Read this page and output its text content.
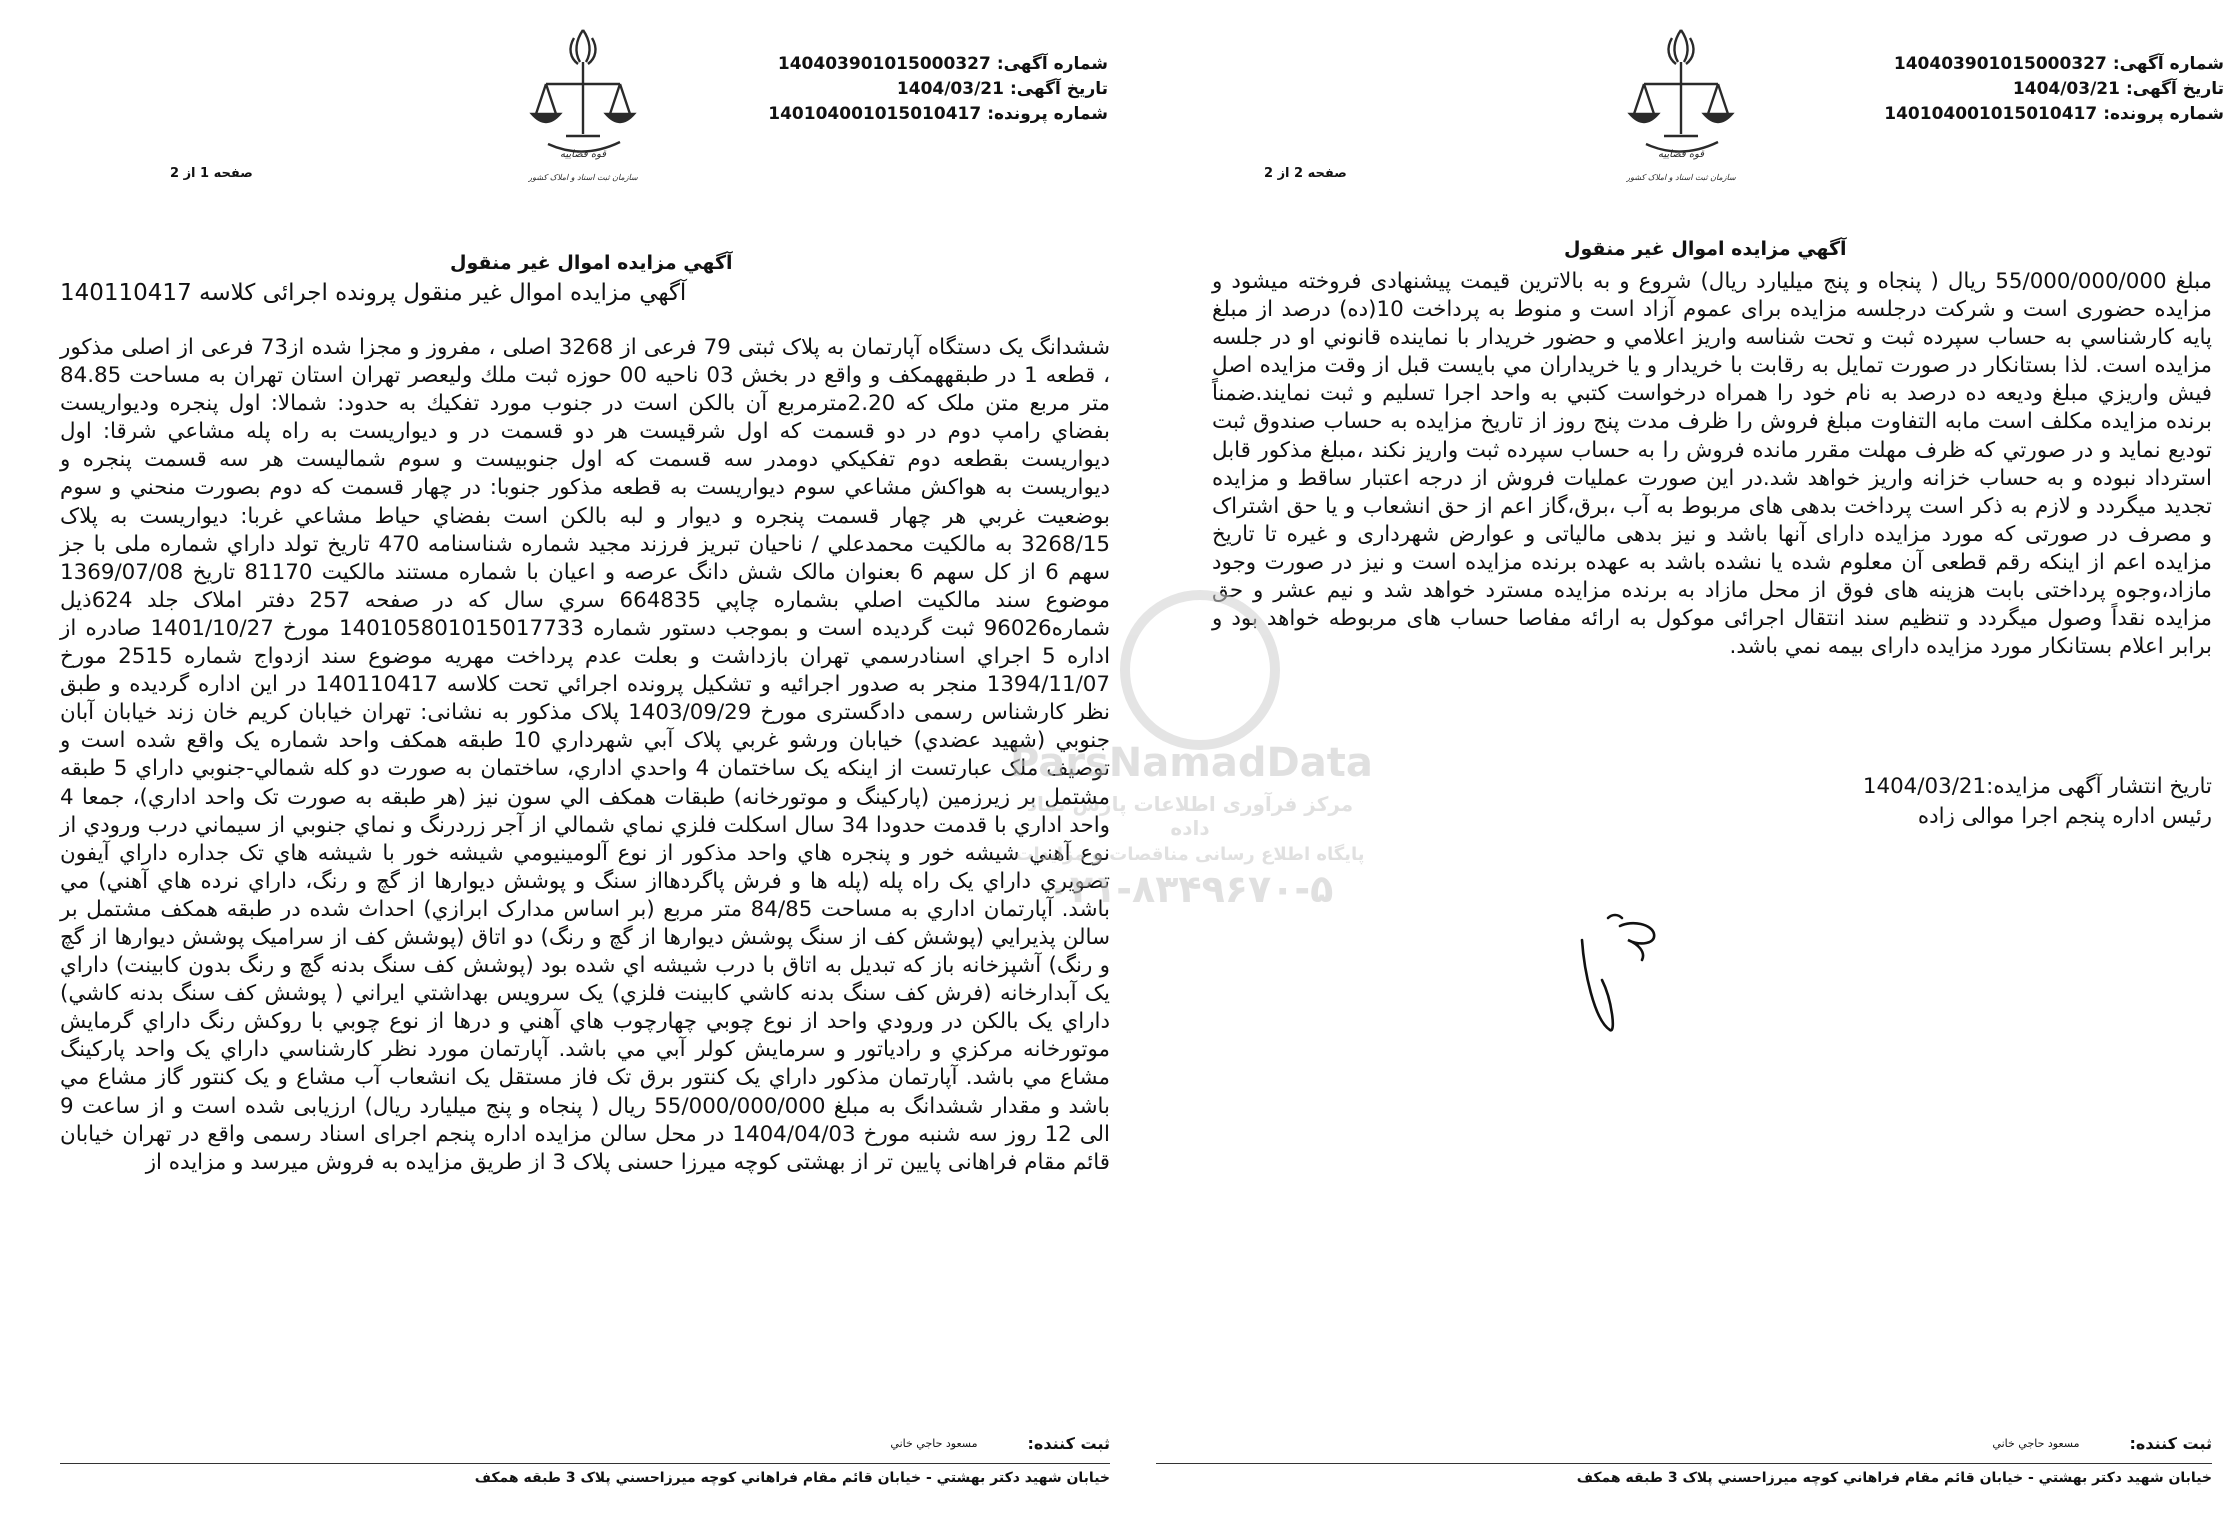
شماره آگهی:
140403901015000327
تاریخ آگهی:
1404/03/21
شماره پرونده:
140104001015010417
قوه قضاییه
سازمان ثبت اسناد و املاک کشور
صفحه 1 از 2
آگهي مزايده اموال غير منقول
آگهي مزايده اموال غير منقول پرونده اجرائی کلاسه 140110417
ششدانگ يک دستگاه آپارتمان به پلاک ثبتی 79 فرعی از 3268 اصلی ، مفروز و مجزا شده از73 فرعی از اصلی مذکور ، قطعه 1 در طبقههمکف و واقع در بخش 03 ناحيه 00 حوزه ثبت ملك وليعصر تهران استان تهران به مساحت 84.85 متر مربع متن ملک که 2.20مترمربع آن بالکن است در جنوب مورد تفکيك به حدود: شمالا: اول پنجره وديواريست بفضاي رامپ دوم در دو قسمت که اول شرقيست هر دو قسمت در و ديواريست به راه پله مشاعي شرقا: اول ديواريست بقطعه دوم تفکيکي دومدر سه قسمت که اول جنوبيست و سوم شماليست هر سه قسمت پنجره و ديواريست به هواکش مشاعي سوم ديواريست به قطعه مذکور جنوبا: در چهار قسمت که دوم بصورت منحني و سوم بوضعيت غربي هر چهار قسمت پنجره و ديوار و لبه بالکن است بفضاي حياط مشاعي غربا: ديواريست به پلاک 3268/15 به مالکيت محمدعلي / ناحيان تبريز فرزند مجيد شماره شناسنامه 470 تاريخ تولد داراي شماره ملی با جز سهم 6 از کل سهم 6 بعنوان مالک شش دانگ عرصه و اعيان با شماره مستند مالکيت 81170 تاريخ 1369/07/08 موضوع سند مالکيت اصلي بشماره چاپي 664835 سري سال که در صفحه 257 دفتر املاک جلد 624ذيل شماره96026 ثبت گرديده است و بموجب دستور شماره 140105801015017733 مورخ 1401/10/27 صادره از اداره 5 اجراي اسنادرسمي تهران بازداشت و بعلت عدم پرداخت مهريه موضوع سند ازدواج شماره 2515 مورخ 1394/11/07 منجر به صدور اجرائيه و تشکيل پرونده اجرائي تحت کلاسه 140110417 در اين اداره گرديده و طبق نظر کارشناس رسمی دادگستری مورخ 1403/09/29 پلاک مذکور به نشانی: تهران خيابان کريم خان زند خيابان آبان جنوبي (شهيد عضدي) خيابان ورشو غربي پلاک آبي شهرداري 10 طبقه همکف واحد شماره يک واقع شده است و توصيف ملک عبارتست از اينکه يک ساختمان 4 واحدي اداري، ساختمان به صورت دو کله شمالي-جنوبي داراي 5 طبقه مشتمل بر زيرزمين (پارکينگ و موتورخانه) طبقات همکف الي سون نيز (هر طبقه به صورت تک واحد اداري)، جمعا 4 واحد اداري با قدمت حدودا 34 سال اسکلت فلزي نماي شمالي از آجر زردرنگ و نماي جنوبي از سيماني درب ورودي از نوع آهني شيشه خور و پنجره هاي واحد مذکور از نوع آلومينيومي شيشه خور با شيشه هاي تک جداره داراي آيفون تصويري داراي يک راه پله (پله ها و فرش پاگردهااز سنگ و پوشش ديوارها از گچ و رنگ، داراي نرده هاي آهني) مي باشد. آپارتمان اداري به مساحت 84/85 متر مربع (بر اساس مدارک ابرازي) احداث شده در طبقه همکف مشتمل بر سالن پذيرايي (پوشش کف از سنگ پوشش ديوارها از گچ و رنگ) دو اتاق (پوشش کف از سراميک پوشش ديوارها از گچ و رنگ) آشپزخانه باز که تبديل به اتاق با درب شيشه اي شده بود (پوشش کف سنگ بدنه گچ و رنگ بدون کابينت) داراي يک آبدارخانه (فرش کف سنگ بدنه کاشي کابينت فلزي) يک سرويس بهداشتي ايراني ( پوشش کف سنگ بدنه کاشي) داراي يک بالکن در ورودي واحد از نوع چوبي چهارچوب هاي آهني و درها از نوع چوبي با روکش رنگ داراي گرمايش موتورخانه مرکزي و رادياتور و سرمايش کولر آبي مي باشد. آپارتمان مورد نظر کارشناسي داراي يک واحد پارکينگ مشاع مي باشد. آپارتمان مذکور داراي يک کنتور برق تک فاز مستقل يک انشعاب آب مشاع و يک کنتور گاز مشاع مي باشد و مقدار ششدانگ به مبلغ 55/000/000/000 ريال ( پنجاه و پنج ميليارد ريال) ارزيابی شده است و از ساعت 9 الی 12 روز سه شنبه مورخ 1404/04/03 در محل سالن مزايده اداره پنجم اجرای اسناد رسمی واقع در تهران خيابان قائم مقام فراهانی پايين تر از بهشتی کوچه ميرزا حسنی پلاک 3 از طريق مزايده به فروش ميرسد و مزايده از
ثبت کننده:
مسعود حاجي خاني
خيابان شهيد دکتر بهشتي - خيابان قائم مقام فراهاني کوچه ميرزاحسني پلاک 3 طبقه همکف
شماره آگهی:
140403901015000327
تاریخ آگهی:
1404/03/21
شماره پرونده:
140104001015010417
قوه قضاییه
سازمان ثبت اسناد و املاک کشور
صفحه 2 از 2
آگهي مزايده اموال غير منقول
مبلغ 55/000/000/000 ريال ( پنجاه و پنج ميليارد ريال) شروع و به بالاترين قيمت پيشنهادی فروخته ميشود و مزايده حضوری است و شرکت درجلسه مزايده برای عموم آزاد است و منوط به پرداخت 10(ده) درصد از مبلغ پايه کارشناسي به حساب سپرده ثبت و تحت شناسه واريز اعلامي و حضور خريدار با نماينده قانوني او در جلسه مزايده است. لذا بستانکار در صورت تمايل به رقابت با خريدار و يا خريداران مي بايست قبل از وقت مزايده اصل فيش واريزي مبلغ وديعه ده درصد به نام خود را همراه درخواست کتبي به واحد اجرا تسليم و ثبت نمايند.ضمناً برنده مزايده مکلف است مابه التفاوت مبلغ فروش را ظرف مدت پنج روز از تاريخ مزايده به حساب صندوق ثبت توديع نمايد و در صورتي که ظرف مهلت مقرر مانده فروش را به حساب سپرده ثبت واريز نکند ،مبلغ مذکور قابل استرداد نبوده و به حساب خزانه واريز خواهد شد.در اين صورت عمليات فروش از درجه اعتبار ساقط و مزايده تجديد ميگردد و لازم به ذکر است پرداخت بدهی های مربوط به آب ،برق،گاز اعم از حق انشعاب و يا حق اشتراک و مصرف در صورتی که مورد مزايده دارای آنها باشد و نيز بدهی مالياتی و عوارض شهرداری و غيره تا تاريخ مزايده اعم از اينکه رقم قطعی آن معلوم شده يا نشده باشد به عهده برنده مزايده است و نيز در صورت وجود مازاد،وجوه پرداختی بابت هزينه های فوق از محل مازاد به برنده مزايده مسترد خواهد شد و نيم عشر و حق مزايده نقداً وصول ميگردد و تنظيم سند انتقال اجرائی موکول به ارائه مفاصا حساب های مربوطه خواهد بود و برابر اعلام بستانکار مورد مزايده دارای بيمه نمي باشد.
تاریخ انتشار آگهی مزایده:1404/03/21
رئيس اداره پنجم اجرا موالی زاده
ثبت کننده:
مسعود حاجي خاني
خيابان شهيد دکتر بهشتي - خيابان قائم مقام فراهاني کوچه ميرزاحسني پلاک 3 طبقه همکف
ParsNamadData
مرکز فرآوری اطلاعات پارس نماد داده
پایگاه اطلاع رسانی مناقصات و مزایدات
۰۲۱-۸۳۴۹۶۷۰-۵
